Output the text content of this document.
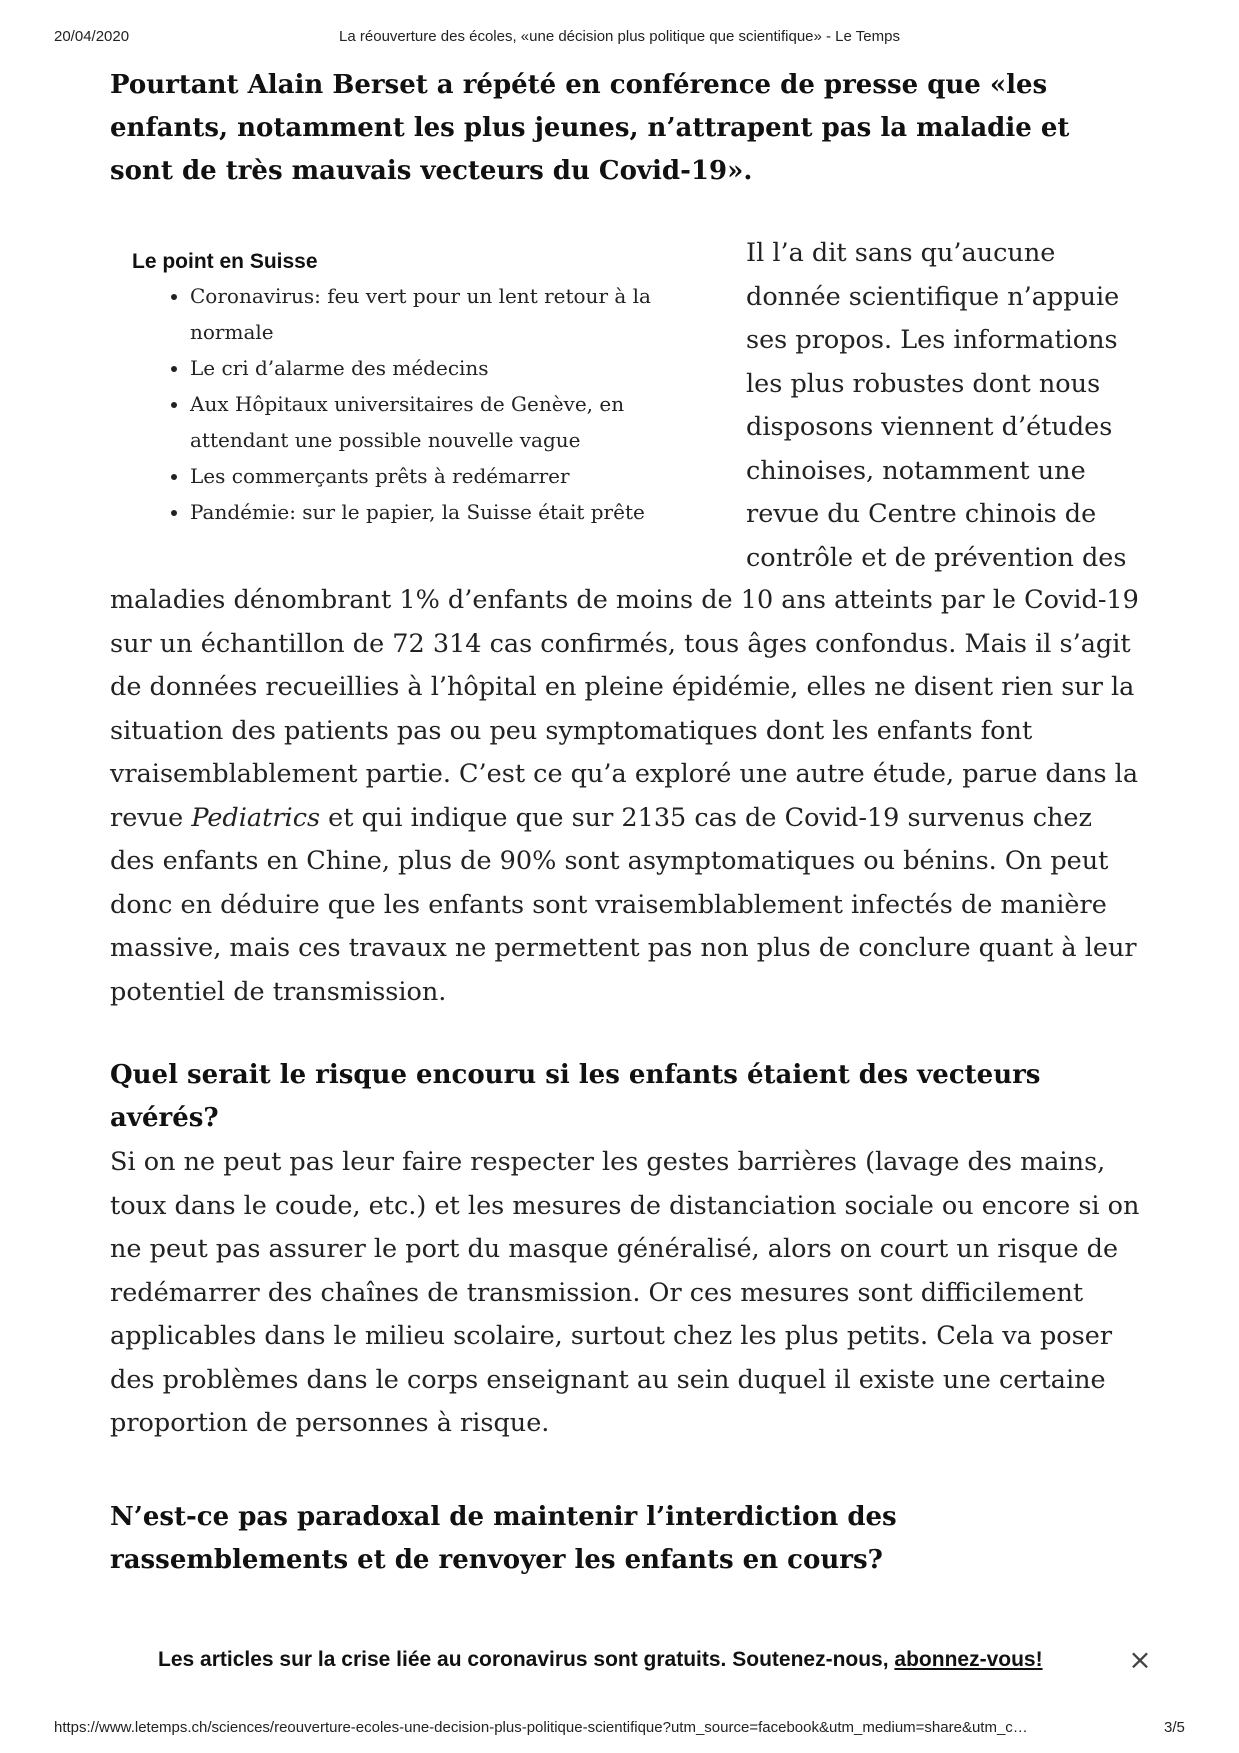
20/04/2020	La réouverture des écoles, «une décision plus politique que scientifique» - Le Temps

Pourtant Alain Berset a répété en conférence de presse que «les enfants, notamment les plus jeunes, n’attrapent pas la maladie et sont de très mauvais vecteurs du Covid-19».

Le point en Suisse
• Coronavirus: feu vert pour un lent retour à la normale
• Le cri d’alarme des médecins
• Aux Hôpitaux universitaires de Genève, en attendant une possible nouvelle vague
• Les commerçants prêts à redémarrer
• Pandémie: sur le papier, la Suisse était prête

Il l’a dit sans qu’aucune donnée scientifique n’appuie ses propos. Les informations les plus robustes dont nous disposons viennent d’études chinoises, notamment une revue du Centre chinois de contrôle et de prévention des

maladies dénombrant 1% d’enfants de moins de 10 ans atteints par le Covid-19 sur un échantillon de 72 314 cas confirmés, tous âges confondus. Mais il s’agit de données recueillies à l’hôpital en pleine épidémie, elles ne disent rien sur la situation des patients pas ou peu symptomatiques dont les enfants font vraisemblablement partie. C’est ce qu’a exploré une autre étude, parue dans la revue Pediatrics et qui indique que sur 2135 cas de Covid-19 survenus chez des enfants en Chine, plus de 90% sont asymptomatiques ou bénins. On peut donc en déduire que les enfants sont vraisemblablement infectés de manière massive, mais ces travaux ne permettent pas non plus de conclure quant à leur potentiel de transmission.

Quel serait le risque encouru si les enfants étaient des vecteurs avérés?

Si on ne peut pas leur faire respecter les gestes barrières (lavage des mains, toux dans le coude, etc.) et les mesures de distanciation sociale ou encore si on ne peut pas assurer le port du masque généralisé, alors on court un risque de redémarrer des chaînes de transmission. Or ces mesures sont difficilement applicables dans le milieu scolaire, surtout chez les plus petits. Cela va poser des problèmes dans le corps enseignant au sein duquel il existe une certaine proportion de personnes à risque.

N’est-ce pas paradoxal de maintenir l’interdiction des rassemblements et de renvoyer les enfants en cours?
Les articles sur la crise liée au coronavirus sont gratuits. Soutenez-nous, abonnez-vous!	×
https://www.letemps.ch/sciences/reouverture-ecoles-une-decision-plus-politique-scientifique?utm_source=facebook&utm_medium=share&utm_c…	3/5
